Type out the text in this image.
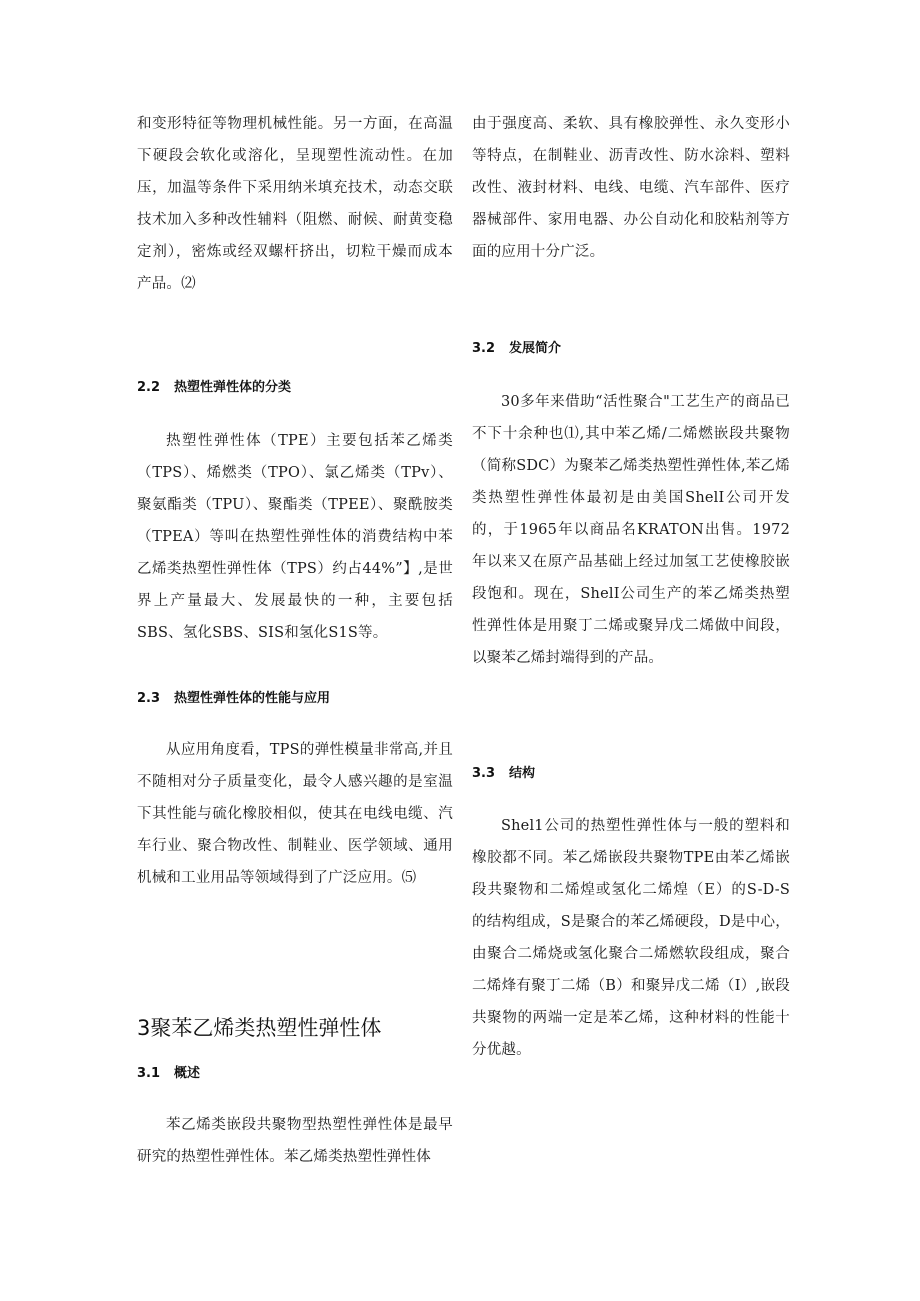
和变形特征等物理机械性能。另一方面，在高温下硬段会软化或溶化，呈现塑性流动性。在加压，加温等条件下采用纳米填充技术，动态交联技术加入多种改性辅料（阻燃、耐候、耐黄变稳定剂），密炼或经双螺杆挤出，切粒干燥而成本产品。⑵
2.2 热塑性弹性体的分类
热塑性弹性体（TPE）主要包括苯乙烯类（TPS）、烯燃类（TPO）、氯乙烯类（TPv）、聚氨酯类（TPU）、聚酯类（TPEE）、聚酰胺类（TPEA）等叫在热塑性弹性体的消费结构中苯乙烯类热塑性弹性体（TPS）约占44%”】,是世界上产量最大、发展最快的一种，主要包括SBS、氢化SBS、SIS和氢化S1S等。
2.3 热塑性弹性体的性能与应用
从应用角度看，TPS的弹性模量非常高,并且不随相对分子质量变化，最令人感兴趣的是室温下其性能与硫化橡胶相似，使其在电线电缆、汽车行业、聚合物改性、制鞋业、医学领域、通用机械和工业用品等领域得到了广泛应用。⑸
3聚苯乙烯类热塑性弹性体
3.1 概述
苯乙烯类嵌段共聚物型热塑性弹性体是最早研究的热塑性弹性体。苯乙烯类热塑性弹性体
由于强度高、柔软、具有橡胶弹性、永久变形小等特点，在制鞋业、沥青改性、防水涂料、塑料改性、液封材料、电线、电缆、汽车部件、医疗器械部件、家用电器、办公自动化和胶粘剂等方面的应用十分广泛。
3.2 发展简介
30多年来借助“活性聚合"工艺生产的商品已不下十余种也⑴,其中苯乙烯/二烯燃嵌段共聚物（简称SDC）为聚苯乙烯类热塑性弹性体,苯乙烯类热塑性弹性体最初是由美国ShelI公司开发的，于1965年以商品名KRATON出售。1972年以来又在原产品基础上经过加氢工艺使橡胶嵌段饱和。现在，ShelI公司生产的苯乙烯类热塑性弹性体是用聚丁二烯或聚异戊二烯做中间段，以聚苯乙烯封端得到的产品。
3.3 结构
Shel1公司的热塑性弹性体与一般的塑料和橡胶都不同。苯乙烯嵌段共聚物TPE由苯乙烯嵌段共聚物和二烯煌或氢化二烯煌（E）的S-D-S的结构组成，S是聚合的苯乙烯硬段，D是中心，由聚合二烯烧或氢化聚合二烯燃软段组成，聚合二烯烽有聚丁二烯（B）和聚异戊二烯（I）,嵌段共聚物的两端一定是苯乙烯，这种材料的性能十分优越。
